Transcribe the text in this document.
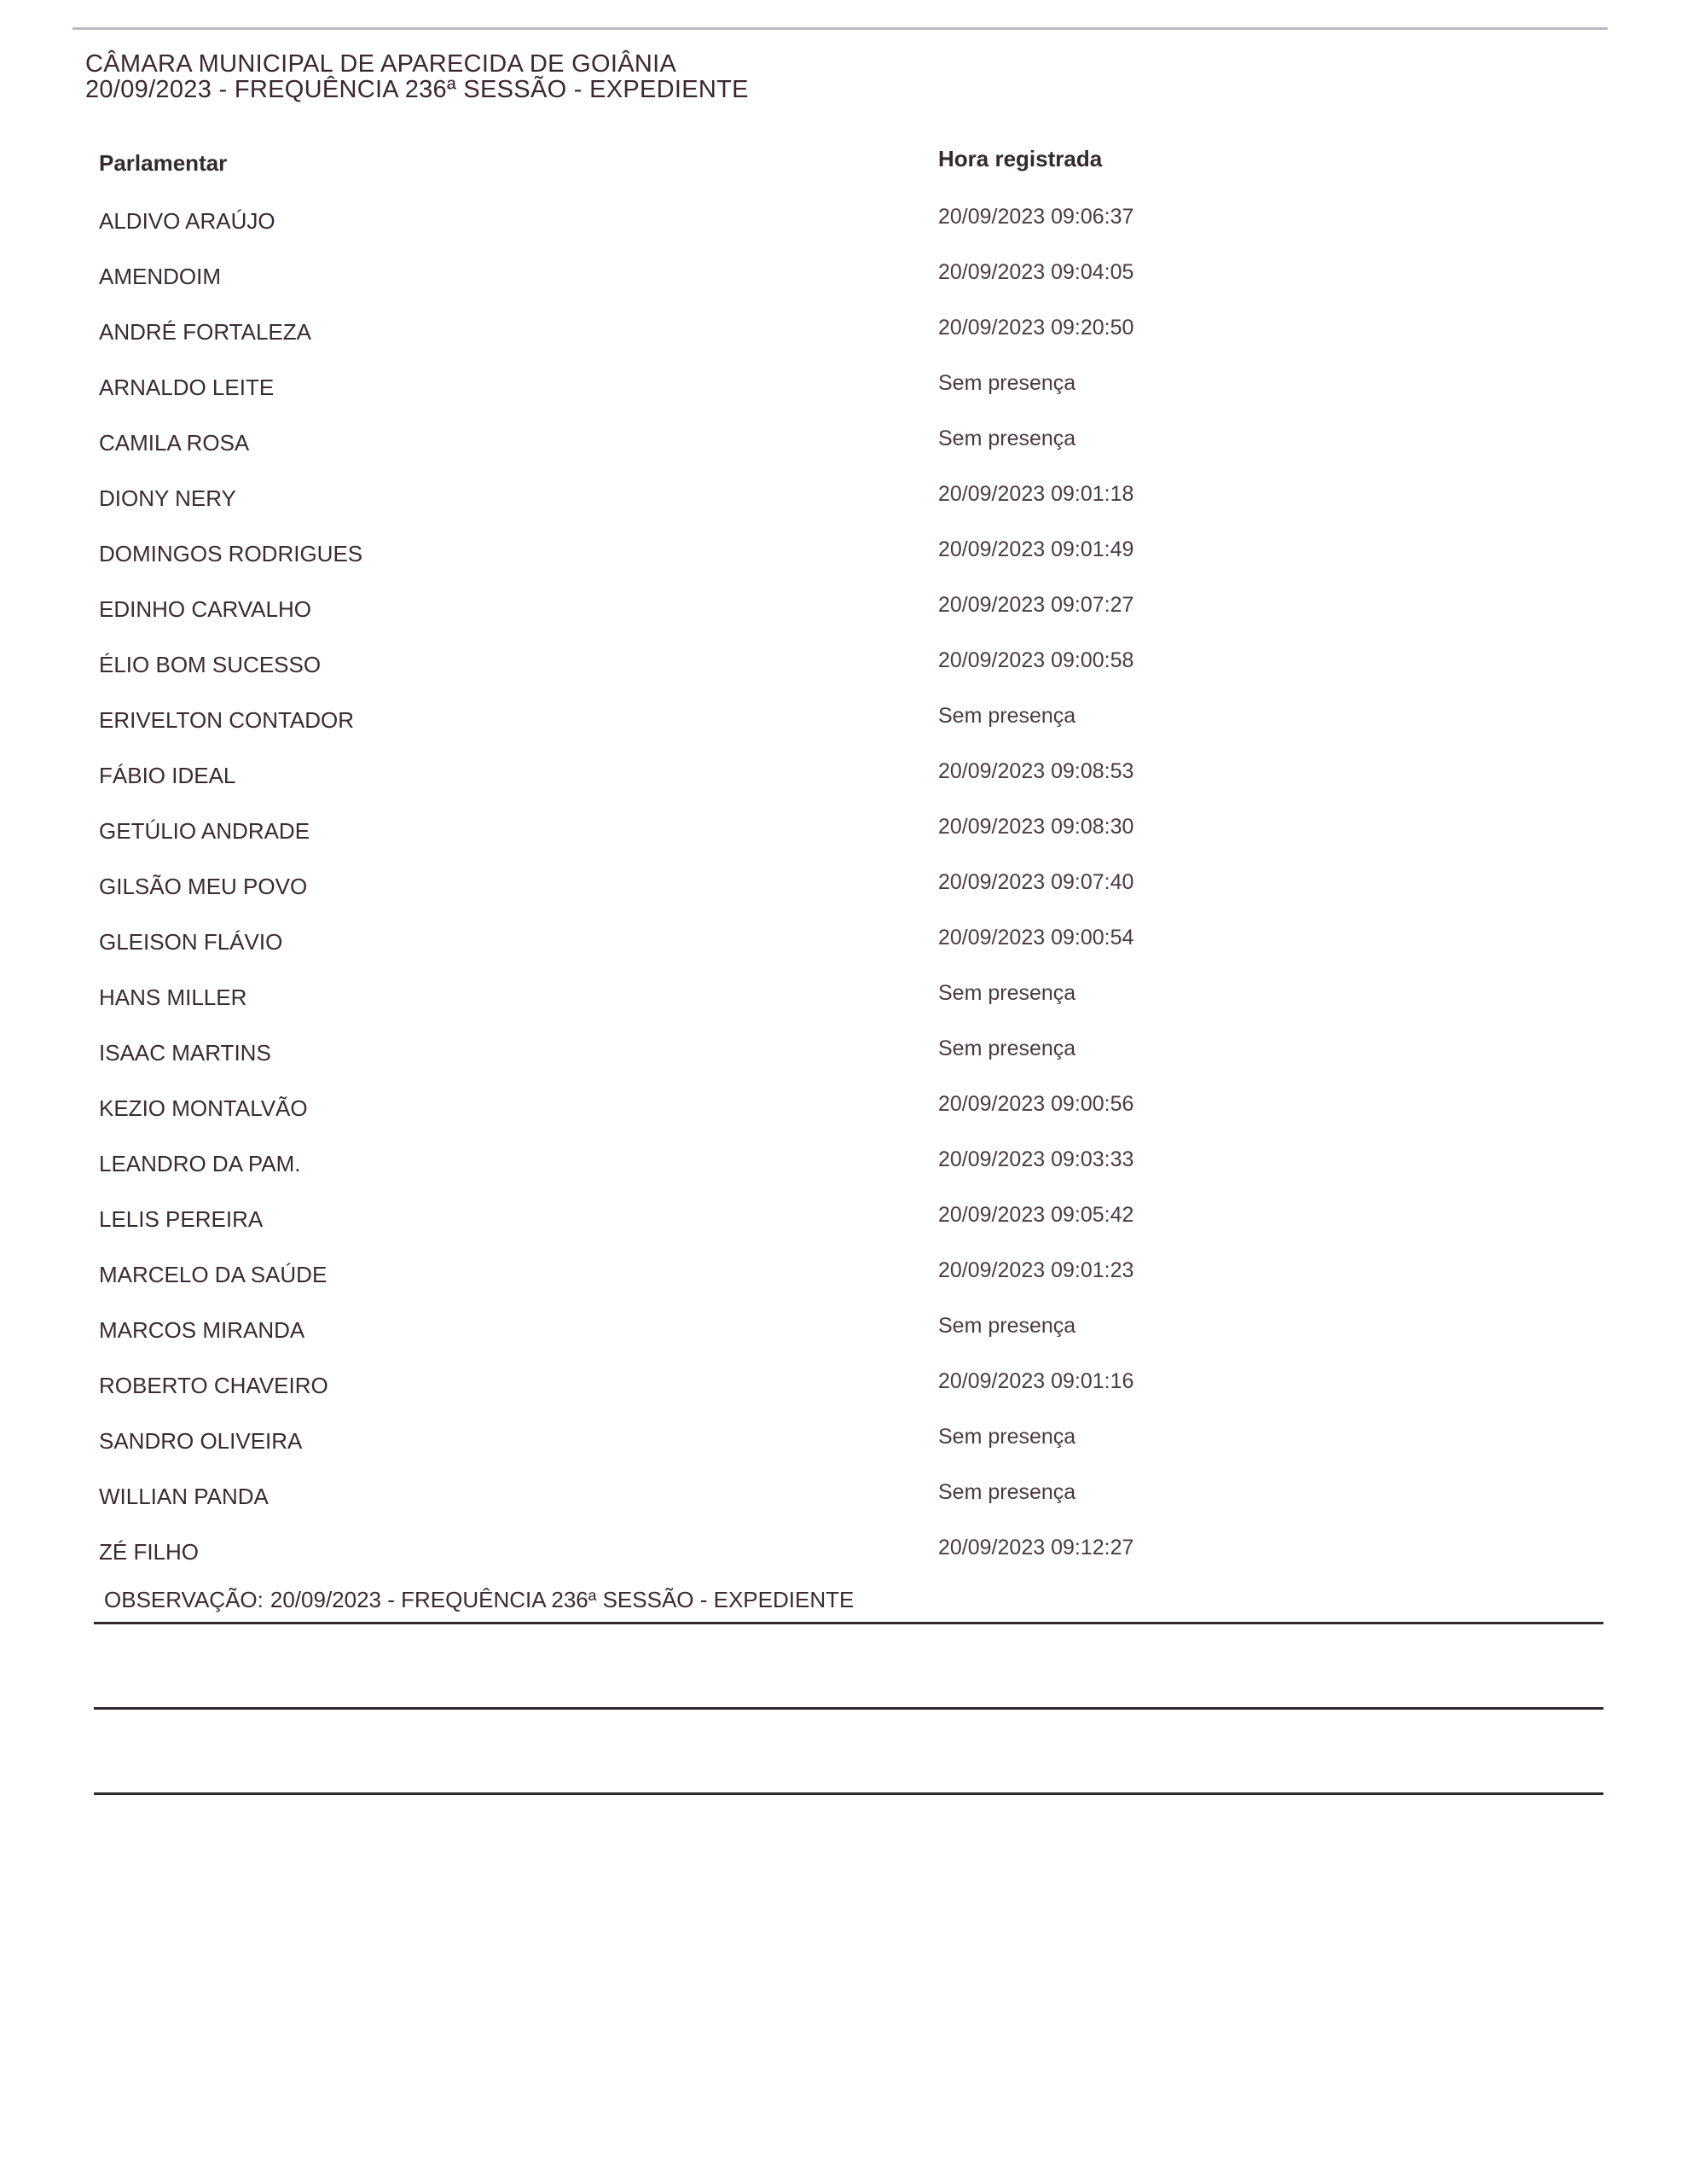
CÂMARA MUNICIPAL DE APARECIDA DE GOIÂNIA
20/09/2023 - FREQUÊNCIA 236ª SESSÃO - EXPEDIENTE
Parlamentar	Hora registrada
ALDIVO ARAÚJO	20/09/2023 09:06:37
AMENDOIM	20/09/2023 09:04:05
ANDRÉ FORTALEZA	20/09/2023 09:20:50
ARNALDO LEITE	Sem presença
CAMILA ROSA	Sem presença
DIONY NERY	20/09/2023 09:01:18
DOMINGOS RODRIGUES	20/09/2023 09:01:49
EDINHO CARVALHO	20/09/2023 09:07:27
ÉLIO BOM SUCESSO	20/09/2023 09:00:58
ERIVELTON CONTADOR	Sem presença
FÁBIO IDEAL	20/09/2023 09:08:53
GETÚLIO ANDRADE	20/09/2023 09:08:30
GILSÃO MEU POVO	20/09/2023 09:07:40
GLEISON FLÁVIO	20/09/2023 09:00:54
HANS MILLER	Sem presença
ISAAC MARTINS	Sem presença
KEZIO MONTALVÃO	20/09/2023 09:00:56
LEANDRO DA PAM.	20/09/2023 09:03:33
LELIS PEREIRA	20/09/2023 09:05:42
MARCELO DA SAÚDE	20/09/2023 09:01:23
MARCOS MIRANDA	Sem presença
ROBERTO CHAVEIRO	20/09/2023 09:01:16
SANDRO OLIVEIRA	Sem presença
WILLIAN PANDA	Sem presença
ZÉ FILHO	20/09/2023 09:12:27
OBSERVAÇÃO: 20/09/2023 - FREQUÊNCIA 236ª SESSÃO - EXPEDIENTE
